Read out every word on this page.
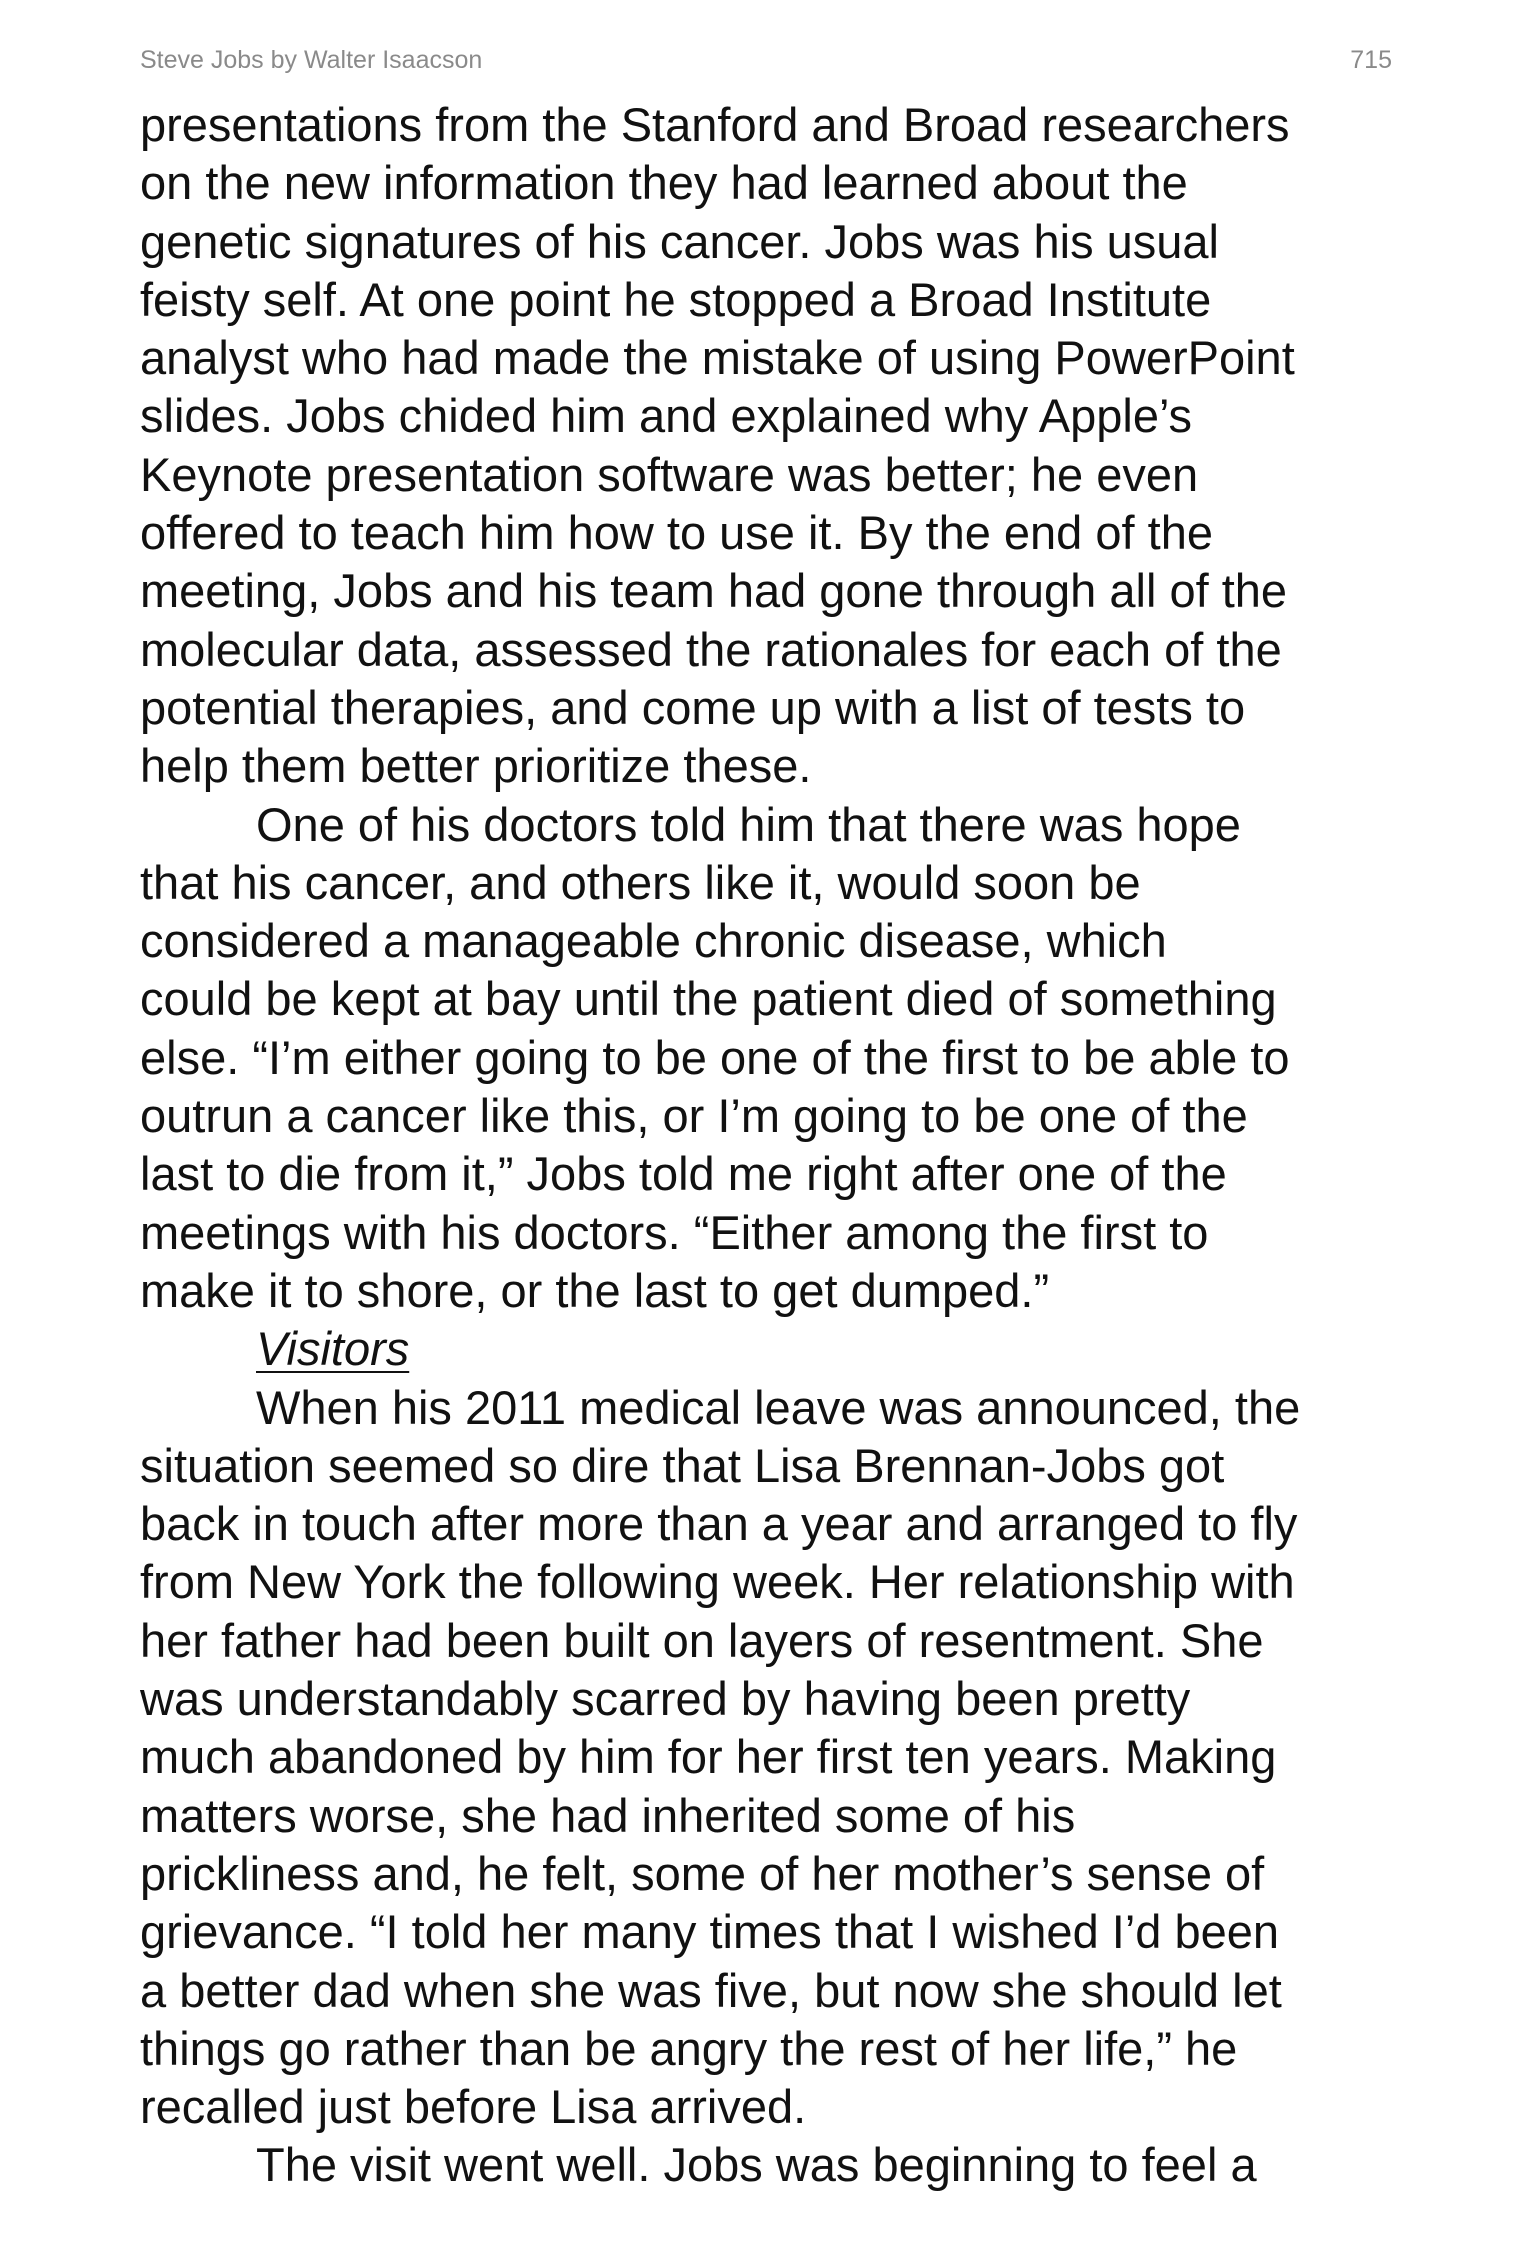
Steve Jobs by Walter Isaacson	715
presentations from the Stanford and Broad researchers
on the new information they had learned about the
genetic signatures of his cancer. Jobs was his usual
feisty self. At one point he stopped a Broad Institute
analyst who had made the mistake of using PowerPoint
slides. Jobs chided him and explained why Apple’s
Keynote presentation software was better; he even
offered to teach him how to use it. By the end of the
meeting, Jobs and his team had gone through all of the
molecular data, assessed the rationales for each of the
potential therapies, and come up with a list of tests to
help them better prioritize these.
One of his doctors told him that there was hope
that his cancer, and others like it, would soon be
considered a manageable chronic disease, which
could be kept at bay until the patient died of something
else. “I’m either going to be one of the first to be able to
outrun a cancer like this, or I’m going to be one of the
last to die from it,” Jobs told me right after one of the
meetings with his doctors. “Either among the first to
make it to shore, or the last to get dumped.”
Visitors
When his 2011 medical leave was announced, the
situation seemed so dire that Lisa Brennan-Jobs got
back in touch after more than a year and arranged to fly
from New York the following week. Her relationship with
her father had been built on layers of resentment. She
was understandably scarred by having been pretty
much abandoned by him for her first ten years. Making
matters worse, she had inherited some of his
prickliness and, he felt, some of her mother’s sense of
grievance. “I told her many times that I wished I’d been
a better dad when she was five, but now she should let
things go rather than be angry the rest of her life,” he
recalled just before Lisa arrived.
The visit went well. Jobs was beginning to feel a
